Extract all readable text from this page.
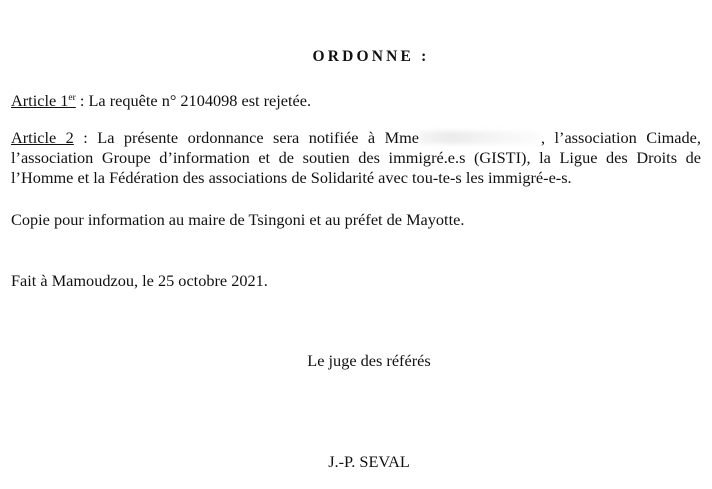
ORDONNE :
Article 1er : La requête n° 2104098 est rejetée.
Article 2 : La présente ordonnance sera notifiée à Mme	, l’association Cimade, l’association Groupe d’information et de soutien des immigré.e.s (GISTI), la Ligue des Droits de l’Homme et la Fédération des associations de Solidarité avec tou-te-s les immigré-e-s.
Copie pour information au maire de Tsingoni et au préfet de Mayotte.
Fait à Mamoudzou, le 25 octobre 2021.
Le juge des référés
J.-P. SEVAL
